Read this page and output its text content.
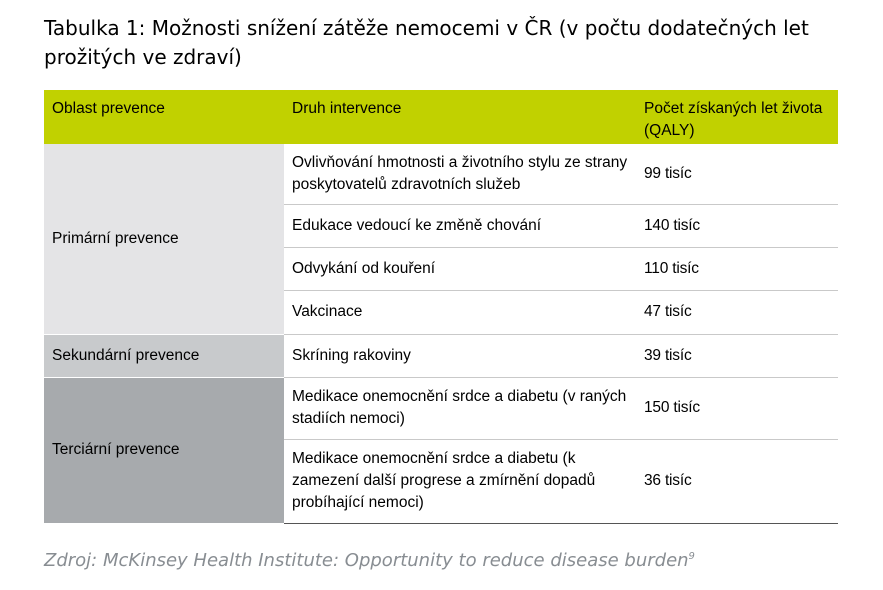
Tabulka 1: Možnosti snížení zátěže nemocemi v ČR (v počtu dodatečných let prožitých ve zdraví)
Oblast prevence	Druh intervence	Počet získaných let života (QALY)
Primární prevence	Ovlivňování hmotnosti a životního stylu ze strany poskytovatelů zdravotních služeb	99 tisíc
	Edukace vedoucí ke změně chování	140 tisíc
	Odvykání od kouření	110 tisíc
	Vakcinace	47 tisíc
Sekundární prevence	Skríning rakoviny	39 tisíc
Terciární prevence	Medikace onemocnění srdce a diabetu (v raných stadiích nemoci)	150 tisíc
	Medikace onemocnění srdce a diabetu (k zamezení další progrese a zmírnění dopadů probíhající nemoci)	36 tisíc

Zdroj: McKinsey Health Institute: Opportunity to reduce disease burden$^9$
